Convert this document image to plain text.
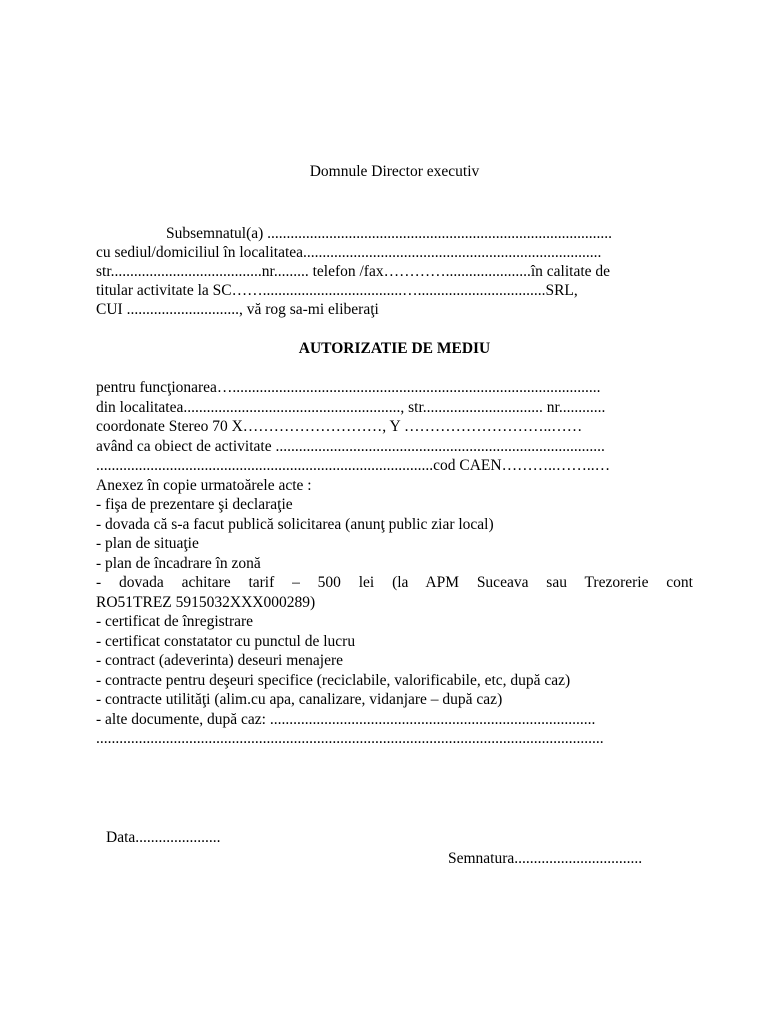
Domnule Director executiv
Subsemnatul(a) .........................................................................................
cu sediul/domiciliul în localitatea.............................................................................
str.......................................nr......... telefon /fax…………......................în calitate de
titular activitate la SC……....................................….................................SRL,
CUI ............................., vă rog sa-mi eliberaţi
AUTORIZATIE DE MEDIU
pentru funcţionarea…...............................................................................................
din localitatea........................................................, str............................... nr............
coordonate Stereo 70 X………………………, Y ………………………..……
având ca obiect de activitate .....................................................................................
.......................................................................................cod CAEN………..……..…
Anexez în copie urmatoărele acte :
- fişa de prezentare şi declaraţie
- dovada că s-a facut publică solicitarea (anunţ public ziar local)
- plan de situaţie
- plan de încadrare în zonă
- dovada achitare tarif – 500 lei (la APM Suceava sau Trezorerie cont
RO51TREZ 5915032XXX000289)
- certificat de înregistrare
- certificat constatator cu punctul de lucru
- contract (adeverinta) deseuri menajere
- contracte pentru deşeuri specifice (reciclabile, valorificabile, etc, după caz)
- contracte utilităţi (alim.cu apa, canalizare, vidanjare – după caz)
- alte documente, după caz: ....................................................................................
...................................................................................................................................
Data......................
Semnatura.................................
